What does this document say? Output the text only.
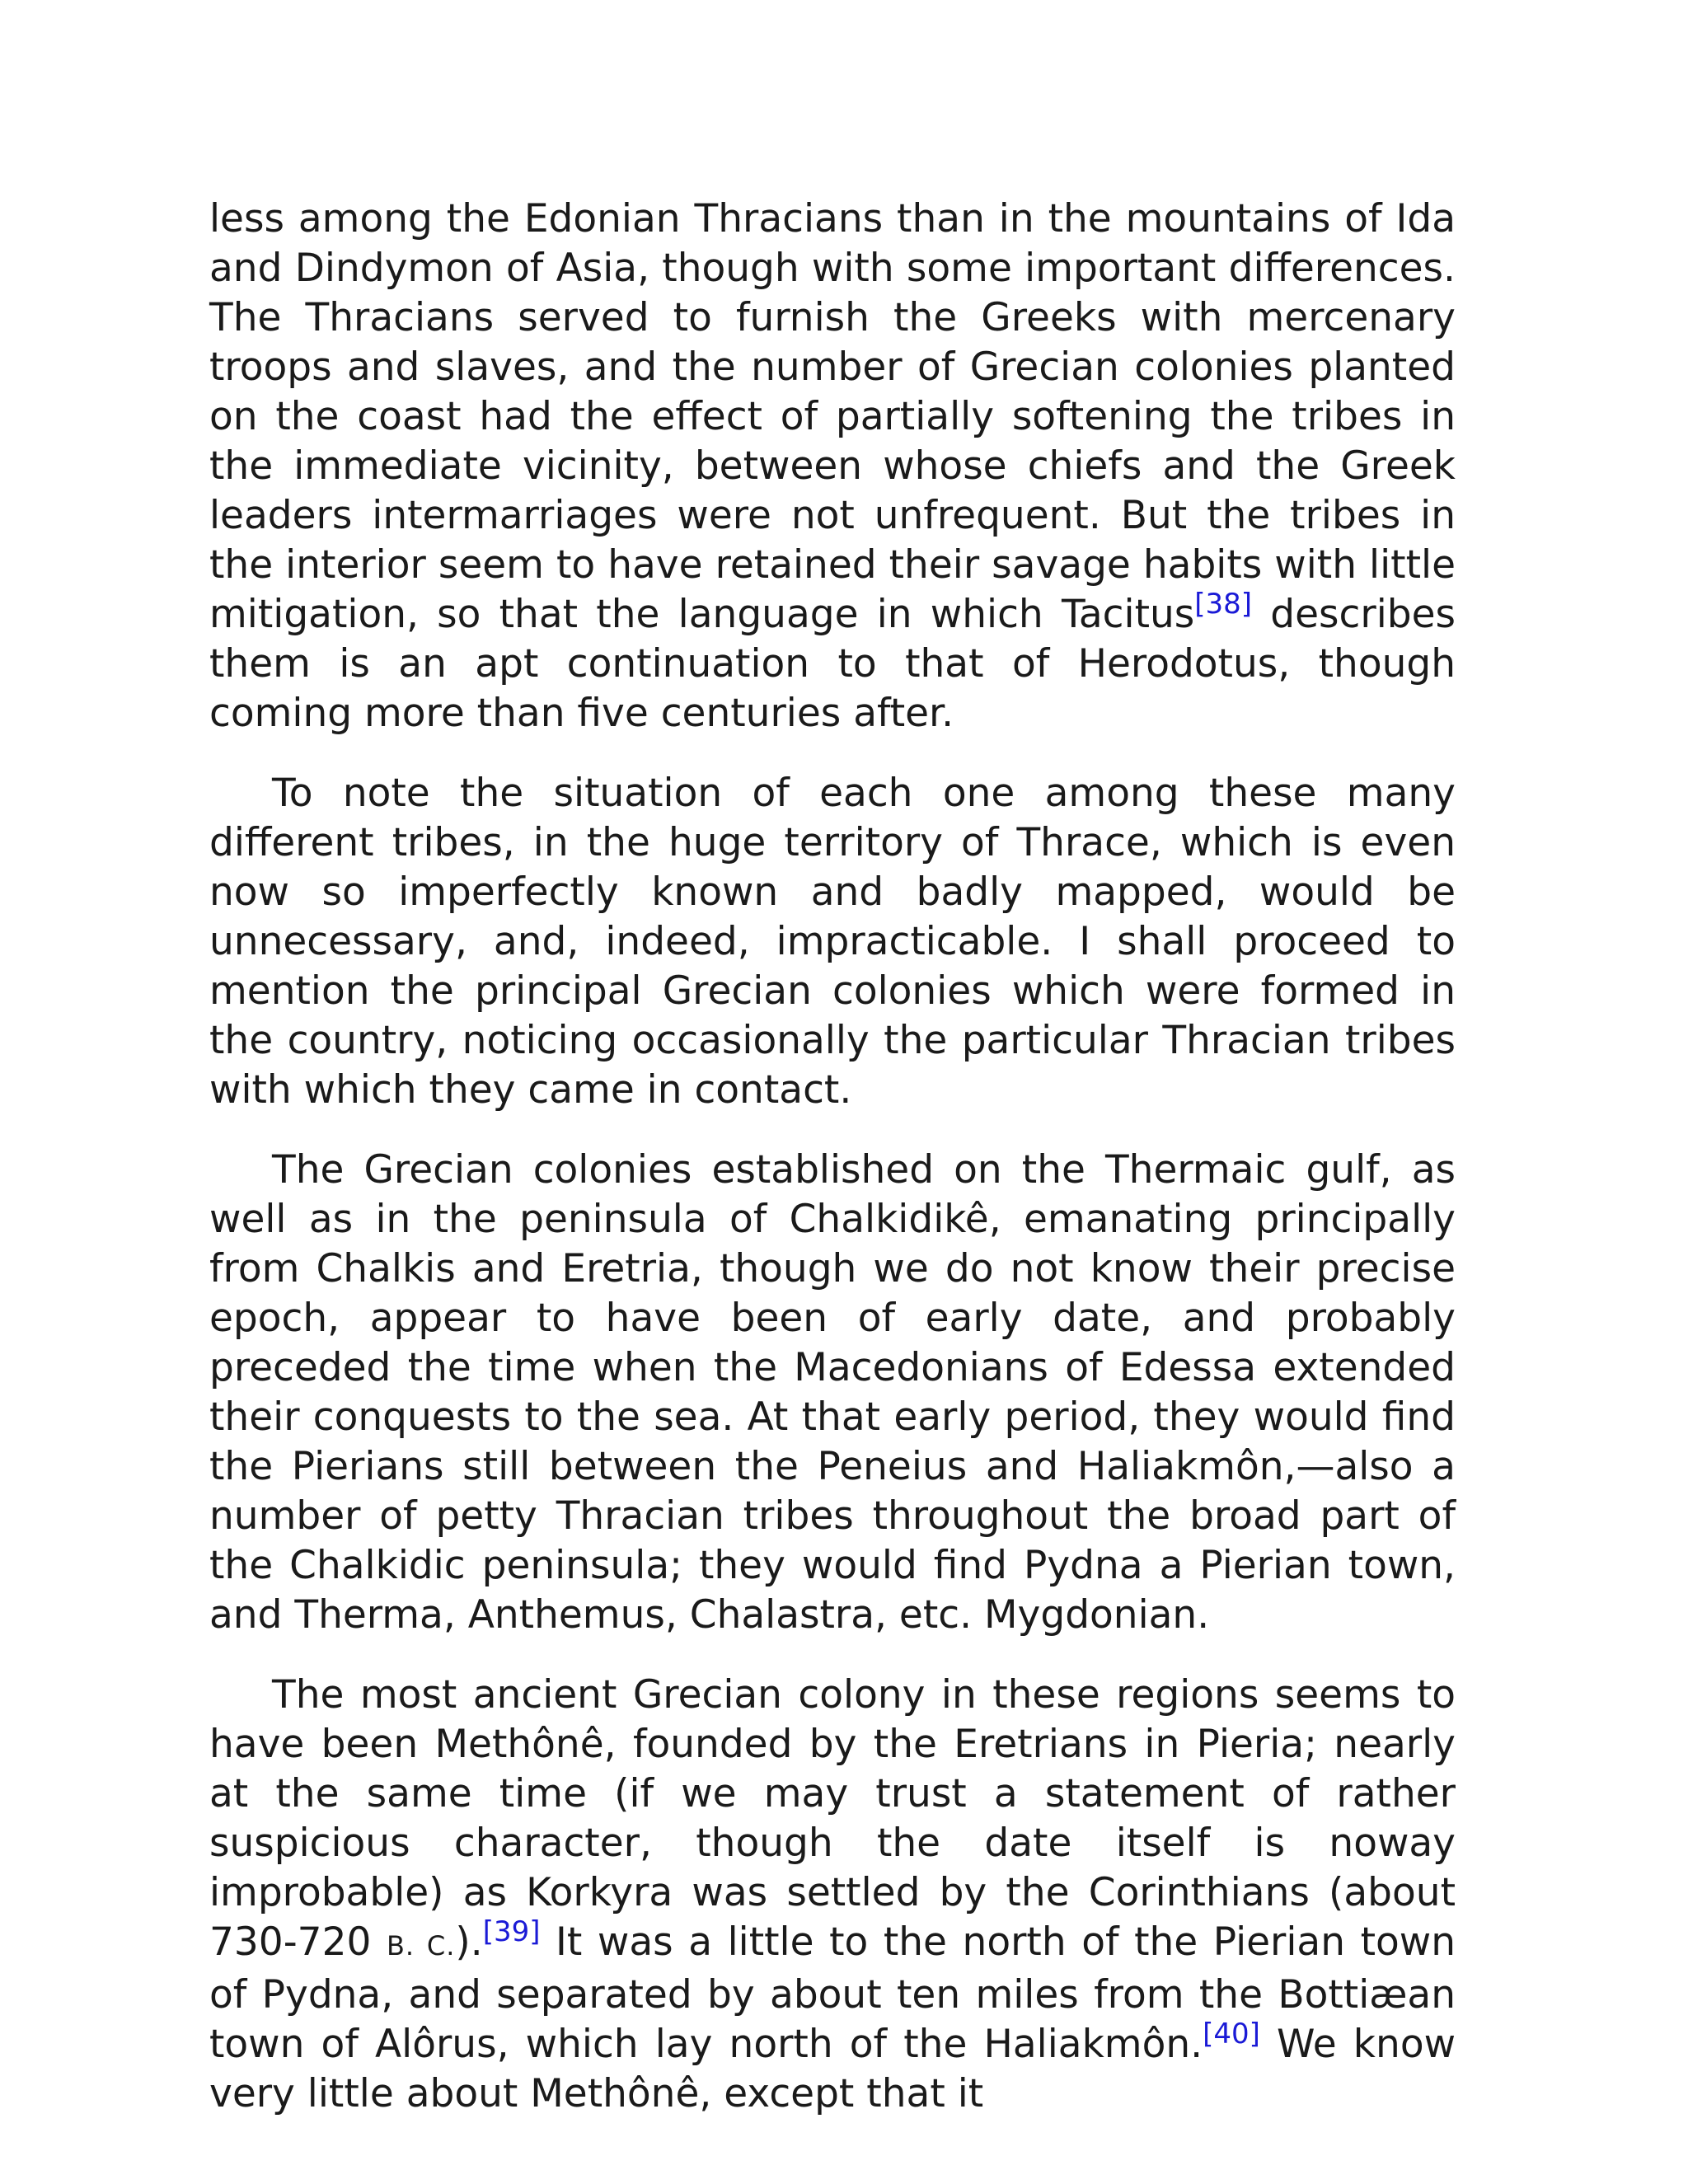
less among the Edonian Thracians than in the mountains of Ida and Dindymon of Asia, though with some important differences. The Thracians served to furnish the Greeks with mercenary troops and slaves, and the number of Grecian colonies planted on the coast had the effect of partially softening the tribes in the immediate vicinity, between whose chiefs and the Greek leaders intermarriages were not unfrequent. But the tribes in the interior seem to have retained their savage habits with little mitigation, so that the language in which Tacitus[38] describes them is an apt continuation to that of Herodotus, though coming more than five centuries after.

To note the situation of each one among these many different tribes, in the huge territory of Thrace, which is even now so imperfectly known and badly mapped, would be unnecessary, and, indeed, impracticable. I shall proceed to mention the principal Grecian colonies which were formed in the country, noticing occasionally the particular Thracian tribes with which they came in contact.

The Grecian colonies established on the Thermaic gulf, as well as in the peninsula of Chalkidikê, emanating principally from Chalkis and Eretria, though we do not know their precise epoch, appear to have been of early date, and probably preceded the time when the Macedonians of Edessa extended their conquests to the sea. At that early period, they would find the Pierians still between the Peneius and Haliakmôn,—also a number of petty Thracian tribes throughout the broad part of the Chalkidic peninsula; they would find Pydna a Pierian town, and Therma, Anthemus, Chalastra, etc. Mygdonian.

The most ancient Grecian colony in these regions seems to have been Methônê, founded by the Eretrians in Pieria; nearly at the same time (if we may trust a statement of rather suspicious character, though the date itself is noway improbable) as Korkyra was settled by the Corinthians (about 730-720 B. C.).[39] It was a little to the north of the Pierian town of Pydna, and separated by about ten miles from the Bottiæan town of Alôrus, which lay north of the Haliakmôn.[40] We know very little about Methônê, except that it
